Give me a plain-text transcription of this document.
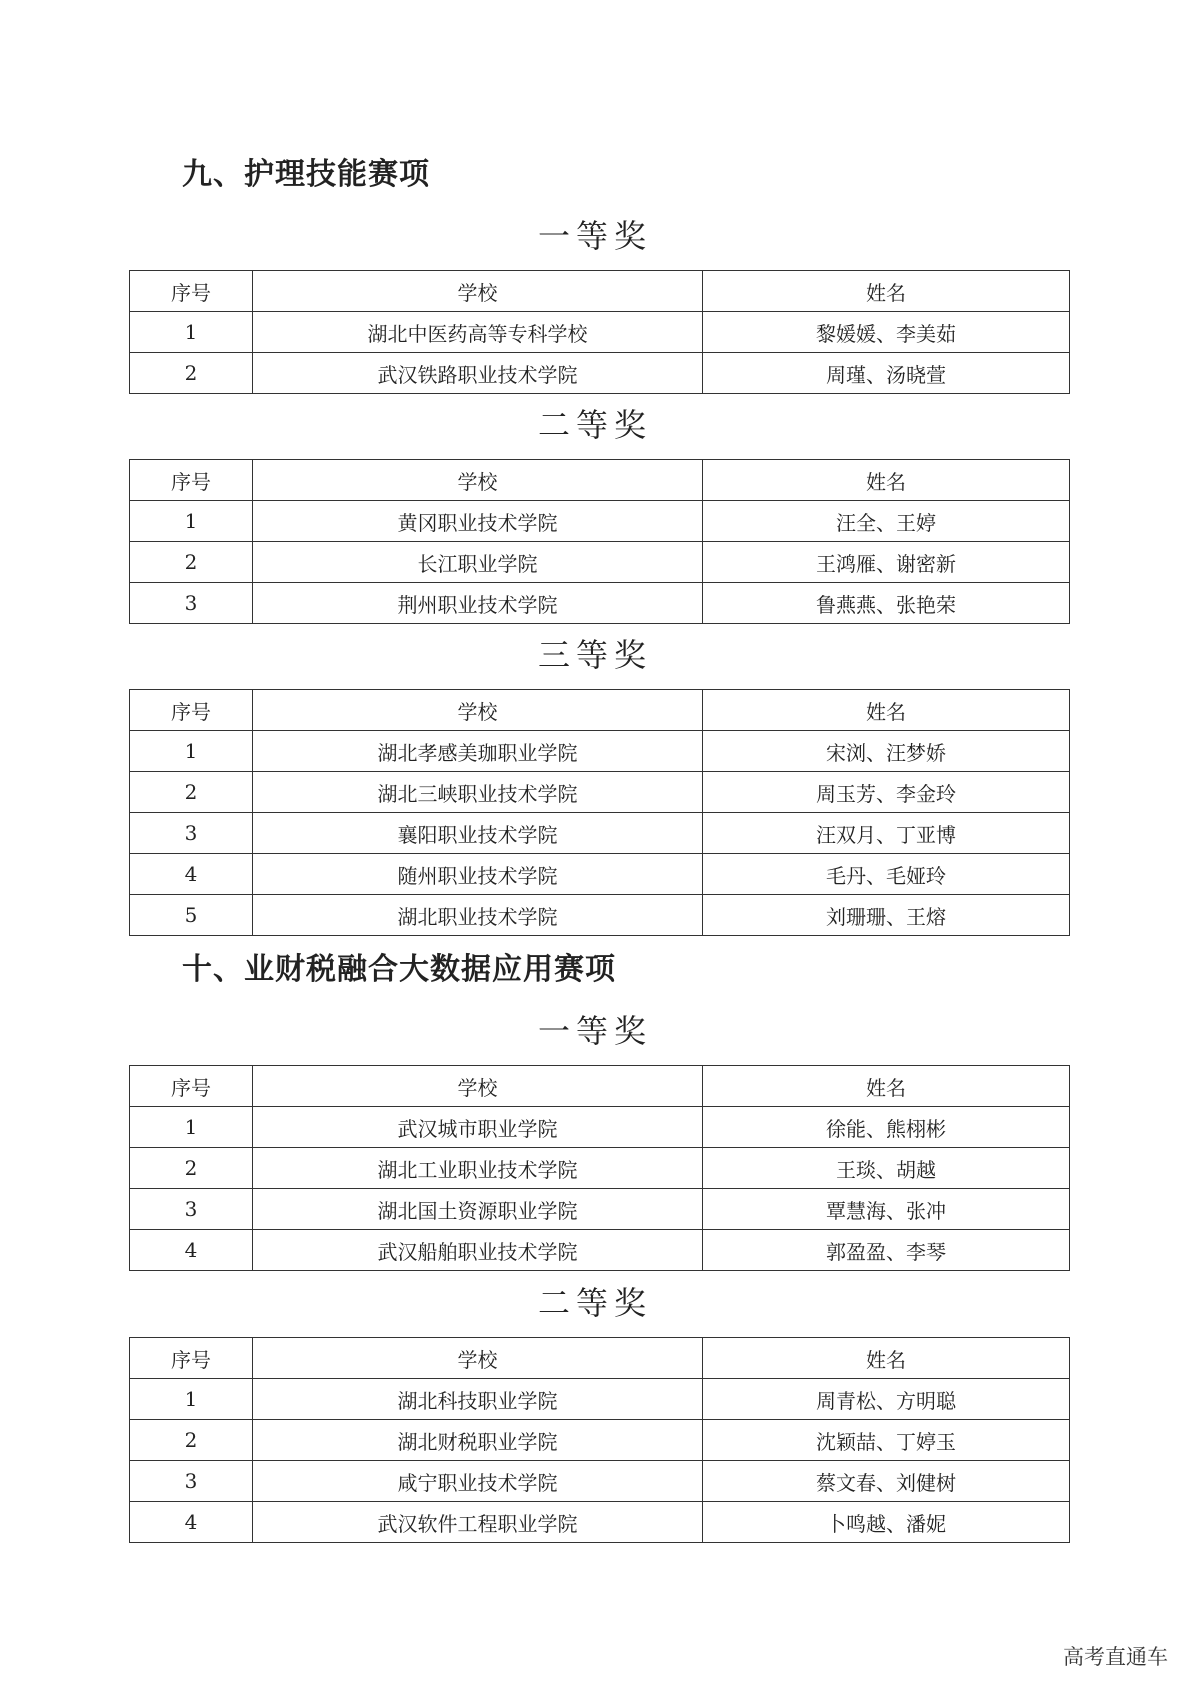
九、护理技能赛项
一等奖
序号	学校	姓名
1	湖北中医药高等专科学校	黎媛媛、李美茹
2	武汉铁路职业技术学院	周瑾、汤晓萱
二等奖
序号	学校	姓名
1	黄冈职业技术学院	汪全、王婷
2	长江职业学院	王鸿雁、谢密新
3	荆州职业技术学院	鲁燕燕、张艳荣
三等奖
序号	学校	姓名
1	湖北孝感美珈职业学院	宋浏、汪梦娇
2	湖北三峡职业技术学院	周玉芳、李金玲
3	襄阳职业技术学院	汪双月、丁亚博
4	随州职业技术学院	毛丹、毛娅玲
5	湖北职业技术学院	刘珊珊、王熔
十、业财税融合大数据应用赛项
一等奖
序号	学校	姓名
1	武汉城市职业学院	徐能、熊栩彬
2	湖北工业职业技术学院	王琰、胡越
3	湖北国土资源职业学院	覃慧海、张冲
4	武汉船舶职业技术学院	郭盈盈、李琴
二等奖
序号	学校	姓名
1	湖北科技职业学院	周青松、方明聪
2	湖北财税职业学院	沈颖喆、丁婷玉
3	咸宁职业技术学院	蔡文春、刘健树
4	武汉软件工程职业学院	卜鸣越、潘妮
高考直通车
